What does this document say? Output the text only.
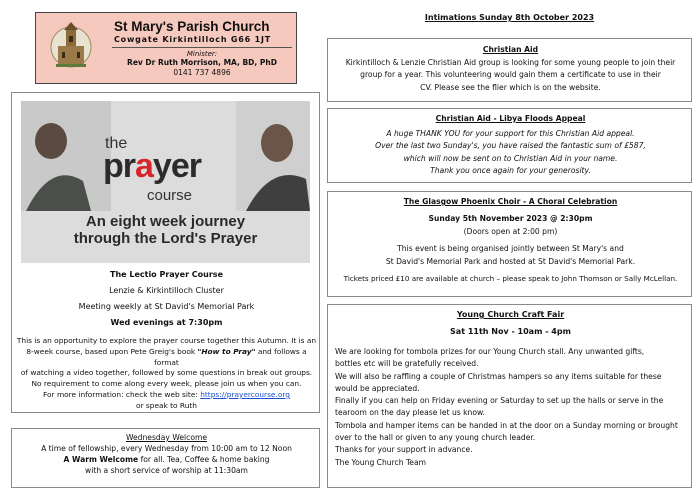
St Mary's Parish Church
Cowgate Kirkintilloch G66 1JT
Minister:
Rev Dr Ruth Morrison, MA, BD, PhD
0141 737 4896
the
prayer
course
An eight week journey
through the Lord's Prayer
The Lectio Prayer Course
Lenzie & Kirkintilloch Cluster
Meeting weekly at St David's Memorial Park
Wed evenings at 7:30pm
This is an opportunity to explore the prayer course together this Autumn. It is an
8-week course, based upon Pete Greig's book "How to Pray" and follows a format
of watching a video together, followed by some questions in break out groups.
No requirement to come along every week, please join us when you can.
For more information: check the web site: https://prayercourse.org
or speak to Ruth
Wednesday Welcome
A time of fellowship, every Wednesday from 10:00 am to 12 Noon
A Warm Welcome for all. Tea, Coffee & home baking
with a short service of worship at 11:30am
Intimations Sunday 8th October 2023
Christian Aid
Kirkintilloch & Lenzie Christian Aid group is looking for some young people to join their
group for a year. This volunteering would gain them a certificate to use in their
CV. Please see the flier which is on the website.
Christian Aid - Libya Floods Appeal
A huge THANK YOU for your support for this Christian Aid appeal.
Over the last two Sunday's, you have raised the fantastic sum of £587,
which will now be sent on to Christian Aid in your name.
Thank you once again for your generosity.
The Glasgow Phoenix Choir - A Choral Celebration
Sunday 5th November 2023 @ 2:30pm
(Doors open at 2:00 pm)
This event is being organised jointly between St Mary's and
St David's Memorial Park and hosted at St David's Memorial Park.
Tickets priced £10 are available at church – please speak to John Thomson or Sally McLellan.
Young Church Craft Fair
Sat 11th Nov - 10am - 4pm
We are looking for tombola prizes for our Young Church stall. Any unwanted gifts,
bottles etc will be gratefully received.
We will also be raffling a couple of Christmas hampers so any items suitable for these
would be appreciated.
Finally if you can help on Friday evening or Saturday to set up the halls or serve in the
tearoom on the day please let us know.
Tombola and hamper items can be handed in at the door on a Sunday morning or brought
over to the hall or given to any young church leader.
Thanks for your support in advance.
The Young Church Team
